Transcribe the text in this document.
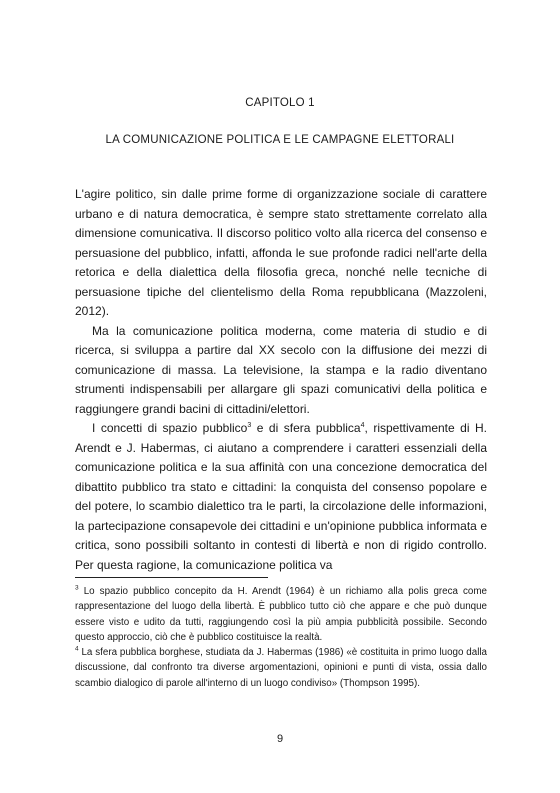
CAPITOLO 1
LA COMUNICAZIONE POLITICA E LE CAMPAGNE ELETTORALI

L'agire politico, sin dalle prime forme di organizzazione sociale di carattere urbano e di natura democratica, è sempre stato strettamente correlato alla dimensione comunicativa. Il discorso politico volto alla ricerca del consenso e persuasione del pubblico, infatti, affonda le sue profonde radici nell'arte della retorica e della dialettica della filosofia greca, nonché nelle tecniche di persuasione tipiche del clientelismo della Roma repubblicana (Mazzoleni, 2012).

Ma la comunicazione politica moderna, come materia di studio e di ricerca, si sviluppa a partire dal XX secolo con la diffusione dei mezzi di comunicazione di massa. La televisione, la stampa e la radio diventano strumenti indispensabili per allargare gli spazi comunicativi della politica e raggiungere grandi bacini di cittadini/elettori.

I concetti di spazio pubblico$^3$ e di sfera pubblica$^4$, rispettivamente di H. Arendt e J. Habermas, ci aiutano a comprendere i caratteri essenziali della comunicazione politica e la sua affinità con una concezione democratica del dibattito pubblico tra stato e cittadini: la conquista del consenso popolare e del potere, lo scambio dialettico tra le parti, la circolazione delle informazioni, la partecipazione consapevole dei cittadini e un'opinione pubblica informata e critica, sono possibili soltanto in contesti di libertà e non di rigido controllo. Per questa ragione, la comunicazione politica va

$^3$ Lo spazio pubblico concepito da H. Arendt (1964) è un richiamo alla polis greca come rappresentazione del luogo della libertà. È pubblico tutto ciò che appare e che può dunque essere visto e udito da tutti, raggiungendo così la più ampia pubblicità possibile. Secondo questo approccio, ciò che è pubblico costituisce la realtà.

$^4$ La sfera pubblica borghese, studiata da J. Habermas (1986) «è costituita in primo luogo dalla discussione, dal confronto tra diverse argomentazioni, opinioni e punti di vista, ossia dallo scambio dialogico di parole all'interno di un luogo condiviso» (Thompson 1995).

9
